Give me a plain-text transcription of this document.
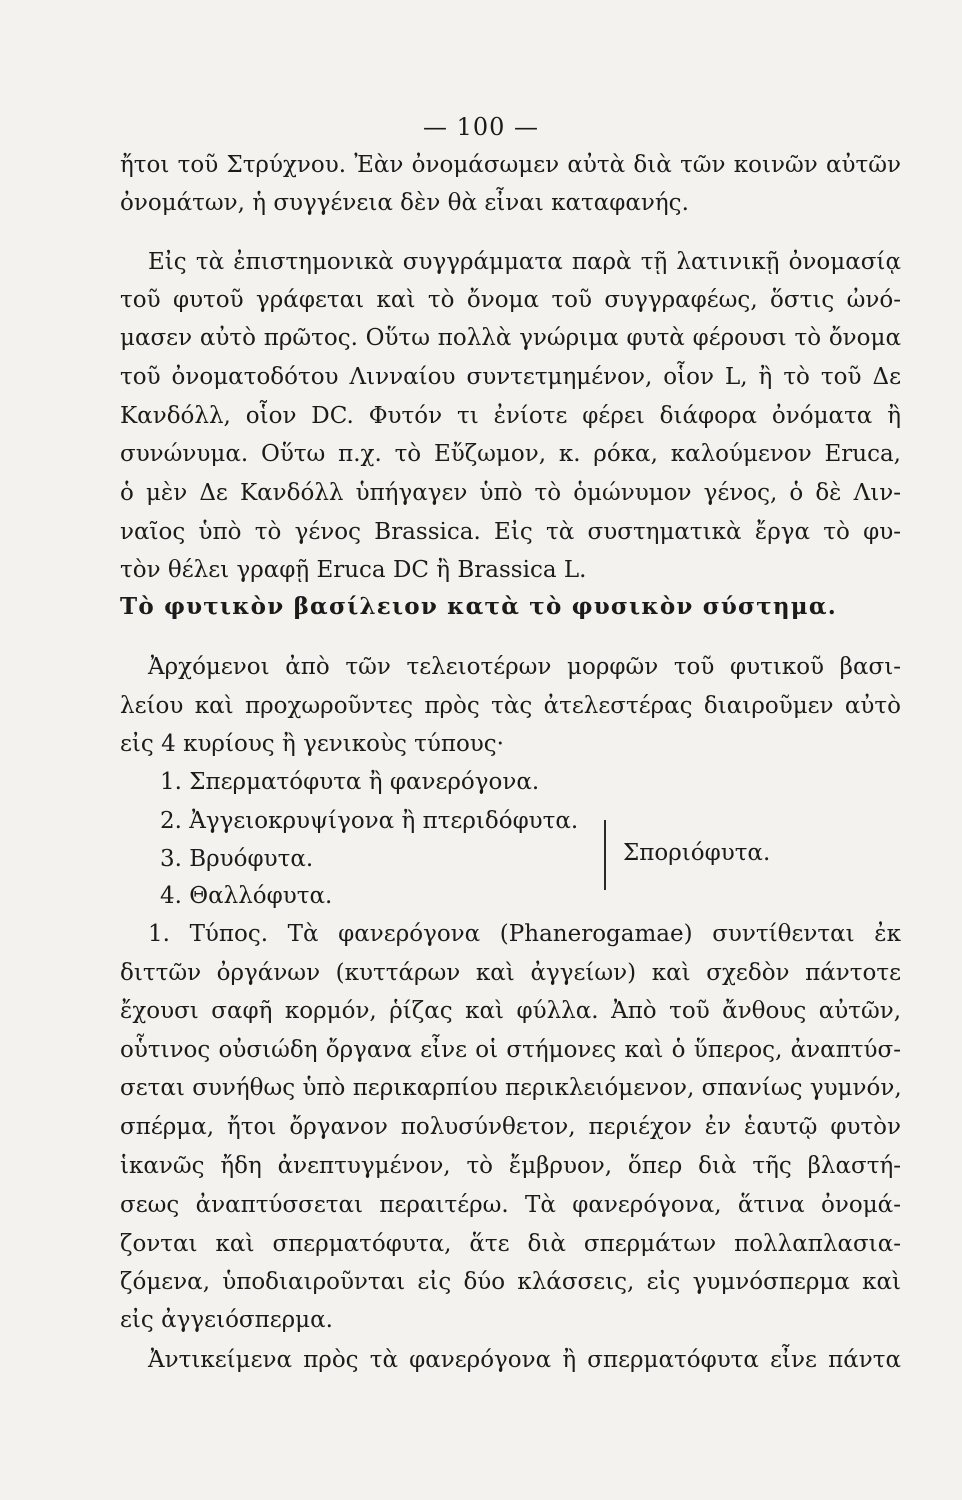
— 100 —
ἤτοι τοῦ Στρύχνου. Ἐὰν ὀνομάσωμεν αὐτὰ διὰ τῶν κοινῶν αὐτῶν
ὀνομάτων, ἡ συγγένεια δὲν θὰ εἶναι καταφανής.
Εἰς τὰ ἐπιστημονικὰ συγγράμματα παρὰ τῇ λατινικῇ ὀνομασίᾳ
τοῦ φυτοῦ γράφεται καὶ τὸ ὄνομα τοῦ συγγραφέως, ὅστις ὠνό-
μασεν αὐτὸ πρῶτος. Οὕτω πολλὰ γνώριμα φυτὰ φέρουσι τὸ ὄνομα
τοῦ ὀνοματοδότου Λινναίου συντετμημένον, οἷον L, ἢ τὸ τοῦ Δε
Κανδόλλ, οἷον DC. Φυτόν τι ἐνίοτε φέρει διάφορα ὀνόματα ἢ
συνώνυμα. Οὕτω π.χ. τὸ Εὔζωμον, κ. ρόκα, καλούμενον Eruca,
ὁ μὲν Δε Κανδόλλ ὑπήγαγεν ὑπὸ τὸ ὁμώνυμον γένος, ὁ δὲ Λιν-
ναῖος ὑπὸ τὸ γένος Brassica. Εἰς τὰ συστηματικὰ ἔργα τὸ φυ-
τὸν θέλει γραφῇ Eruca DC ἢ Brassica L.
Τὸ φυτικὸν βασίλειον κατὰ τὸ φυσικὸν σύστημα.
Ἀρχόμενοι ἀπὸ τῶν τελειοτέρων μορφῶν τοῦ φυτικοῦ βασι-
λείου καὶ προχωροῦντες πρὸς τὰς ἀτελεστέρας διαιροῦμεν αὐτὸ
εἰς 4 κυρίους ἢ γενικοὺς τύπους·
1. Σπερματόφυτα ἢ φανερόγονα.
2. Ἀγγειοκρυψίγονα ἢ πτεριδόφυτα.
3. Βρυόφυτα.
4. Θαλλόφυτα.
Σποριόφυτα.
1. Τύπος. Τὰ φανερόγονα (Phanerogamae) συντίθενται ἐκ
διττῶν ὀργάνων (κυττάρων καὶ ἀγγείων) καὶ σχεδὸν πάντοτε
ἔχουσι σαφῆ κορμόν, ῥίζας καὶ φύλλα. Ἀπὸ τοῦ ἄνθους αὐτῶν,
οὗτινος οὐσιώδη ὄργανα εἶνε οἱ στήμονες καὶ ὁ ὕπερος, ἀναπτύσ-
σεται συνήθως ὑπὸ περικαρπίου περικλειόμενον, σπανίως γυμνόν,
σπέρμα, ἤτοι ὄργανον πολυσύνθετον, περιέχον ἐν ἑαυτῷ φυτὸν
ἱκανῶς ἤδη ἀνεπτυγμένον, τὸ ἔμβρυον, ὅπερ διὰ τῆς βλαστή-
σεως ἀναπτύσσεται περαιτέρω. Τὰ φανερόγονα, ἅτινα ὀνομά-
ζονται καὶ σπερματόφυτα, ἅτε διὰ σπερμάτων πολλαπλασια-
ζόμενα, ὑποδιαιροῦνται εἰς δύο κλάσσεις, εἰς γυμνόσπερμα καὶ
εἰς ἀγγειόσπερμα.
Ἀντικείμενα πρὸς τὰ φανερόγονα ἢ σπερματόφυτα εἶνε πάντα
